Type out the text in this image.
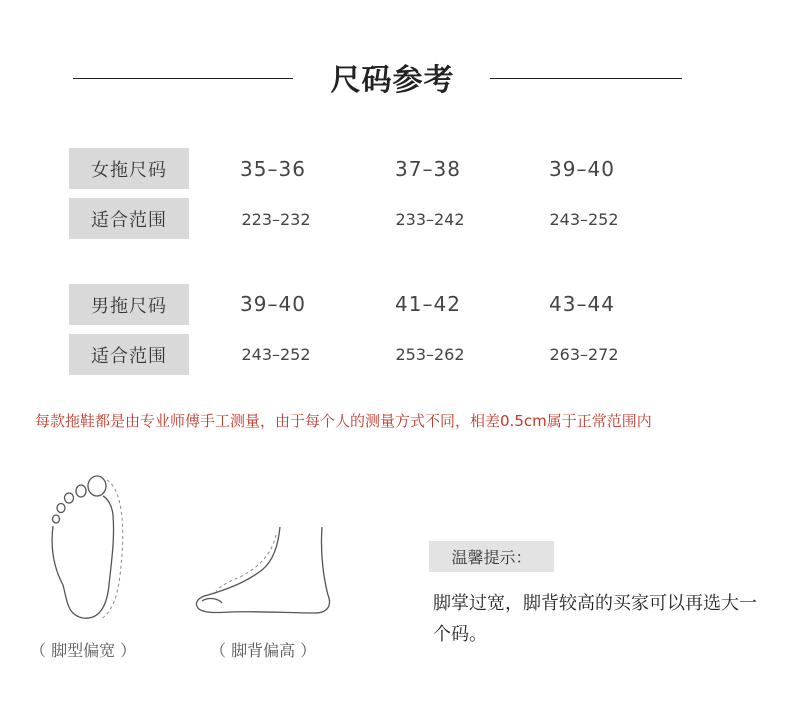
尺码参考
女拖尺码	35–36	37–38	39–40
适合范围	223–232	233–242	243–252
男拖尺码	39–40	41–42	43–44
适合范围	243–252	253–262	263–272
每款拖鞋都是由专业师傅手工测量，由于每个人的测量方式不同，相差0.5cm属于正常范围内
（ 脚型偏宽 ）	（ 脚背偏高 ）
温馨提示：
脚掌过宽，脚背较高的买家可以再选大一个码。
